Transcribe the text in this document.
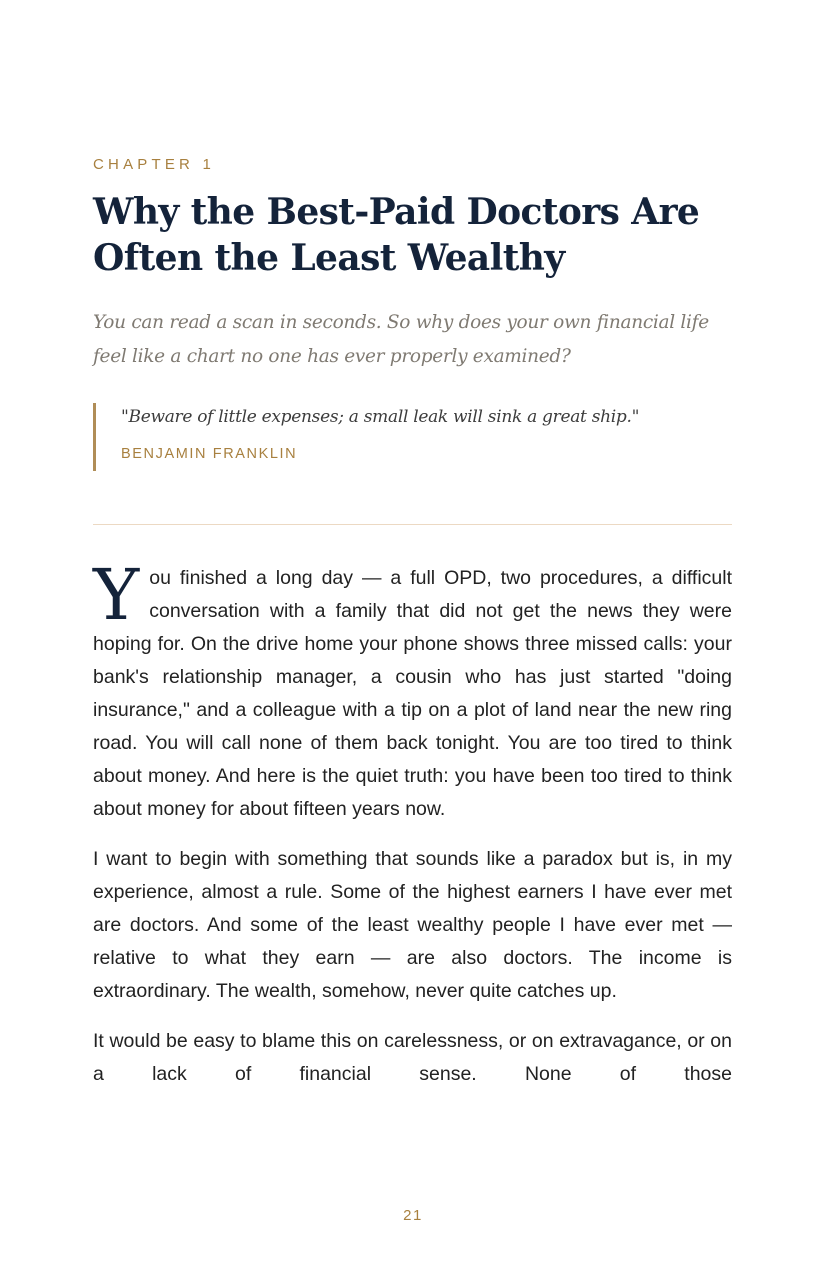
CHAPTER 1

Why the Best-Paid Doctors Are Often the Least Wealthy

You can read a scan in seconds. So why does your own financial life feel like a chart no one has ever properly examined?

"Beware of little expenses; a small leak will sink a great ship."

BENJAMIN FRANKLIN

You finished a long day — a full OPD, two procedures, a difficult conversation with a family that did not get the news they were hoping for. On the drive home your phone shows three missed calls: your bank's relationship manager, a cousin who has just started "doing insurance," and a colleague with a tip on a plot of land near the new ring road. You will call none of them back tonight. You are too tired to think about money. And here is the quiet truth: you have been too tired to think about money for about fifteen years now.

I want to begin with something that sounds like a paradox but is, in my experience, almost a rule. Some of the highest earners I have ever met are doctors. And some of the least wealthy people I have ever met — relative to what they earn — are also doctors. The income is extraordinary. The wealth, somehow, never quite catches up.

It would be easy to blame this on carelessness, or on extravagance, or on a lack of financial sense. None of those

21
